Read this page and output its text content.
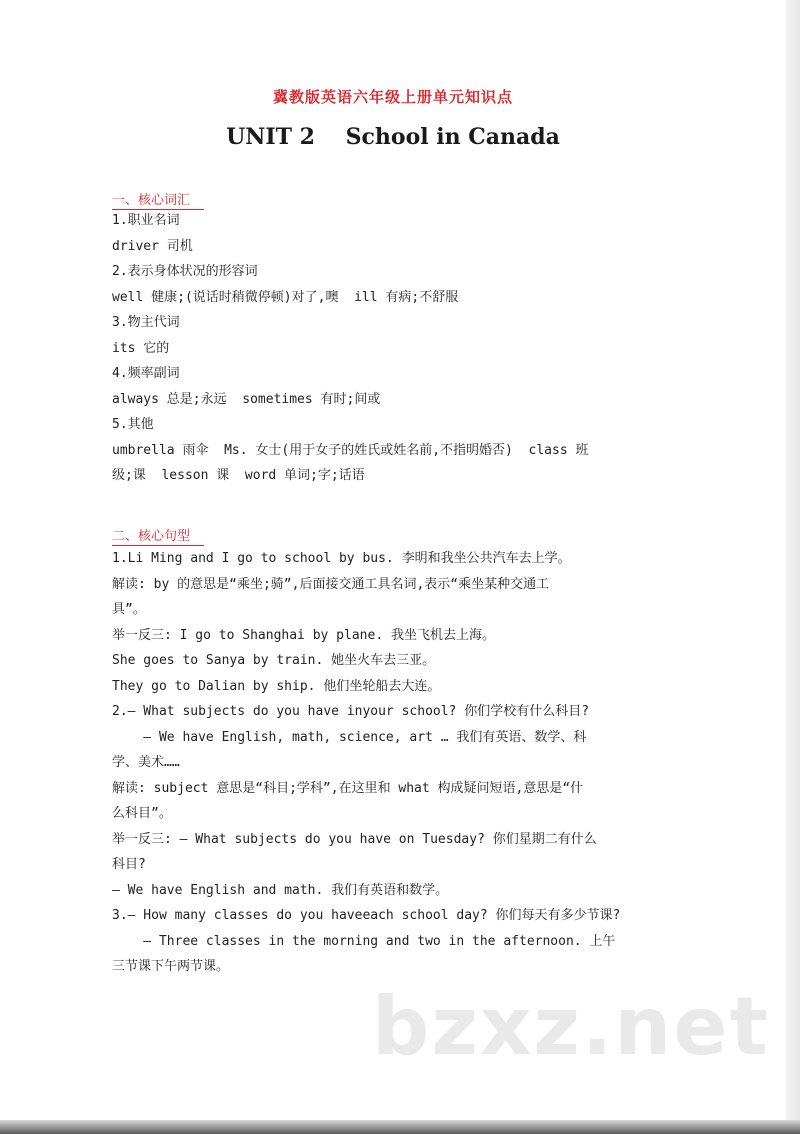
冀教版英语六年级上册单元知识点
UNIT 2    School in Canada
一、核心词汇
1.职业名词
driver 司机
2.表示身体状况的形容词
well 健康;(说话时稍微停顿)对了,噢  ill 有病;不舒服
3.物主代词
its 它的
4.频率副词
always 总是;永远  sometimes 有时;间或
5.其他
umbrella 雨伞  Ms. 女士(用于女子的姓氏或姓名前,不指明婚否)  class 班
级;课  lesson 课  word 单词;字;话语
二、核心句型
1.Li Ming and I go to school by bus. 李明和我坐公共汽车去上学。
解读: by 的意思是“乘坐;骑”,后面接交通工具名词,表示“乘坐某种交通工
具”。
举一反三: I go to Shanghai by plane. 我坐飞机去上海。
She goes to Sanya by train. 她坐火车去三亚。
They go to Dalian by ship. 他们坐轮船去大连。
2.— What subjects do you have inyour school? 你们学校有什么科目?
— We have English, math, science, art … 我们有英语、数学、科
学、美术……
解读: subject 意思是“科目;学科”,在这里和 what 构成疑问短语,意思是“什
么科目”。
举一反三: — What subjects do you have on Tuesday? 你们星期二有什么
科目?
— We have English and math. 我们有英语和数学。
3.— How many classes do you haveeach school day? 你们每天有多少节课?
— Three classes in the morning and two in the afternoon. 上午
三节课下午两节课。
bzxz.net
